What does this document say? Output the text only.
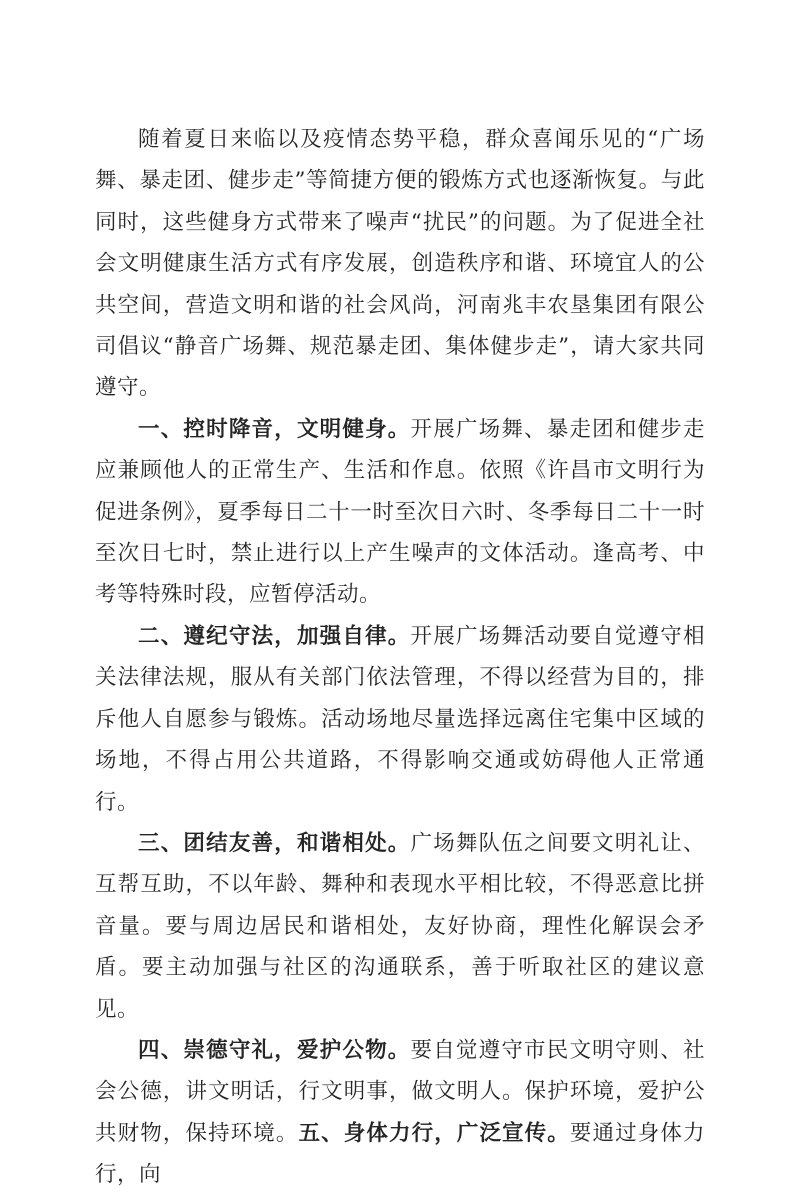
随着夏日来临以及疫情态势平稳，群众喜闻乐见的“广场舞、暴走团、健步走”等简捷方便的锻炼方式也逐渐恢复。与此同时，这些健身方式带来了噪声“扰民”的问题。为了促进全社会文明健康生活方式有序发展，创造秩序和谐、环境宜人的公共空间，营造文明和谐的社会风尚，河南兆丰农垦集团有限公司倡议“静音广场舞、规范暴走团、集体健步走”，请大家共同遵守。

一、控时降音，文明健身。开展广场舞、暴走团和健步走应兼顾他人的正常生产、生活和作息。依照《许昌市文明行为促进条例》，夏季每日二十一时至次日六时、冬季每日二十一时至次日七时，禁止进行以上产生噪声的文体活动。逢高考、中考等特殊时段，应暂停活动。

二、遵纪守法，加强自律。开展广场舞活动要自觉遵守相关法律法规，服从有关部门依法管理，不得以经营为目的，排斥他人自愿参与锻炼。活动场地尽量选择远离住宅集中区域的场地，不得占用公共道路，不得影响交通或妨碍他人正常通行。

三、团结友善，和谐相处。广场舞队伍之间要文明礼让、互帮互助，不以年龄、舞种和表现水平相比较，不得恶意比拼音量。要与周边居民和谐相处，友好协商，理性化解误会矛盾。要主动加强与社区的沟通联系，善于听取社区的建议意见。

四、崇德守礼，爱护公物。要自觉遵守市民文明守则、社会公德，讲文明话，行文明事，做文明人。保护环境，爱护公共财物，保持环境。五、身体力行，广泛宣传。要通过身体力行，向
